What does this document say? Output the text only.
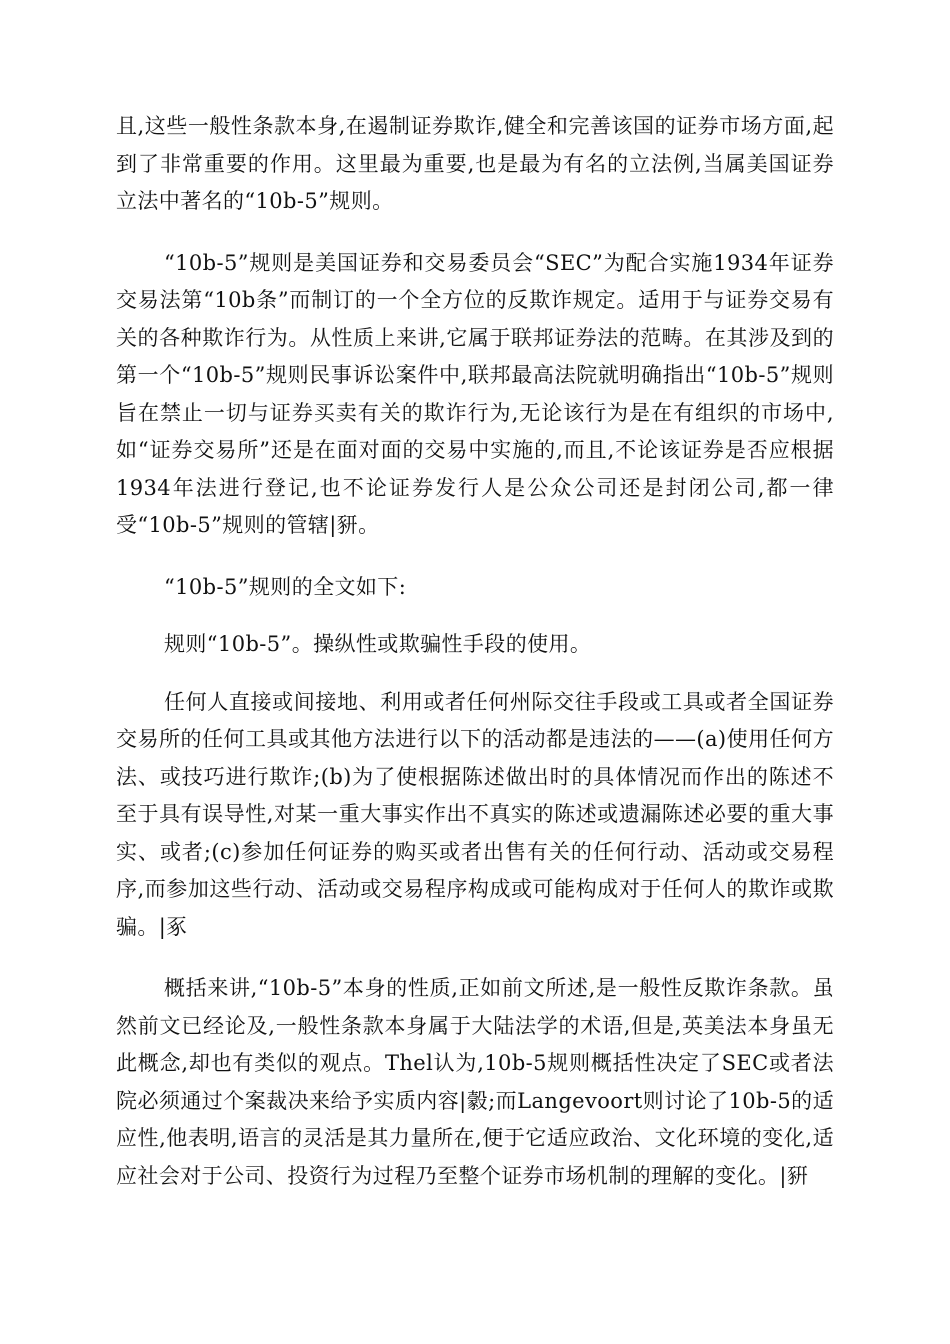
且,这些一般性条款本身,在遏制证券欺诈,健全和完善该国的证券市场方面,起到了非常重要的作用。这里最为重要,也是最为有名的立法例,当属美国证券立法中著名的“10b-5”规则。

“10b-5”规则是美国证券和交易委员会“SEC”为配合实施1934年证券交易法第“10b条”而制订的一个全方位的反欺诈规定。适用于与证券交易有关的各种欺诈行为。从性质上来讲,它属于联邦证券法的范畴。在其涉及到的第一个“10b-5”规则民事诉讼案件中,联邦最高法院就明确指出“10b-5”规则旨在禁止一切与证券买卖有关的欺诈行为,无论该行为是在有组织的市场中,如“证券交易所”还是在面对面的交易中实施的,而且,不论该证券是否应根据1934年法进行登记,也不论证券发行人是公众公司还是封闭公司,都一律受“10b-5”规则的管辖|豜。

“10b-5”规则的全文如下:

规则“10b-5”。操纵性或欺骗性手段的使用。

任何人直接或间接地、利用或者任何州际交往手段或工具或者全国证券交易所的任何工具或其他方法进行以下的活动都是违法的——(a)使用任何方法、或技巧进行欺诈;(b)为了使根据陈述做出时的具体情况而作出的陈述不至于具有误导性,对某一重大事实作出不真实的陈述或遗漏陈述必要的重大事实、或者;(c)参加任何证券的购买或者出售有关的任何行动、活动或交易程序,而参加这些行动、活动或交易程序构成或可能构成对于任何人的欺诈或欺骗。|豖

概括来讲,“10b-5”本身的性质,正如前文所述,是一般性反欺诈条款。虽然前文已经论及,一般性条款本身属于大陆法学的术语,但是,英美法本身虽无此概念,却也有类似的观点。Thel认为,10b-5规则概括性决定了SEC或者法院必须通过个案裁决来给予实质内容|豰;而Langevoort则讨论了10b-5的适应性,他表明,语言的灵活是其力量所在,便于它适应政治、文化环境的变化,适应社会对于公司、投资行为过程乃至整个证券市场机制的理解的变化。|豣
